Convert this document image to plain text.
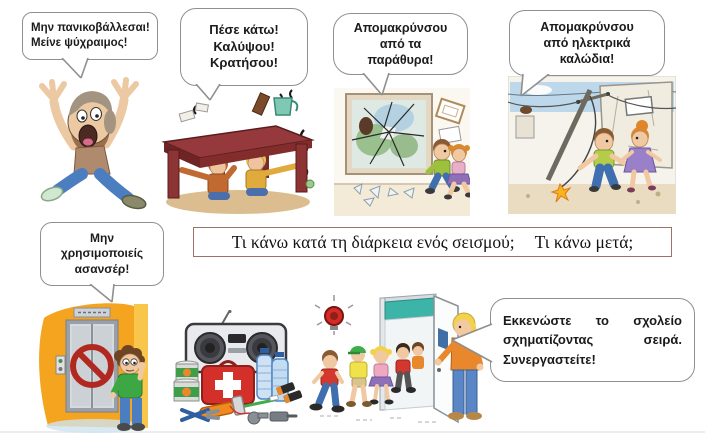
Μην πανικοβάλλεσαι!
Μείνε ψύχραιμος!
Πέσε κάτω!
Καλύψου!
Κρατήσου!
Απομακρύνσου
από τα
παράθυρα!
Απομακρύνσου
από ηλεκτρικά
καλώδια!
Τι κάνω κατά τη διάρκεια ενός σεισμού; Τι κάνω μετά;
Μην
χρησιμοποιείς
ασανσέρ!
Εκκενώστε το σχολείο σχηματίζοντας σειρά. Συνεργαστείτε!
